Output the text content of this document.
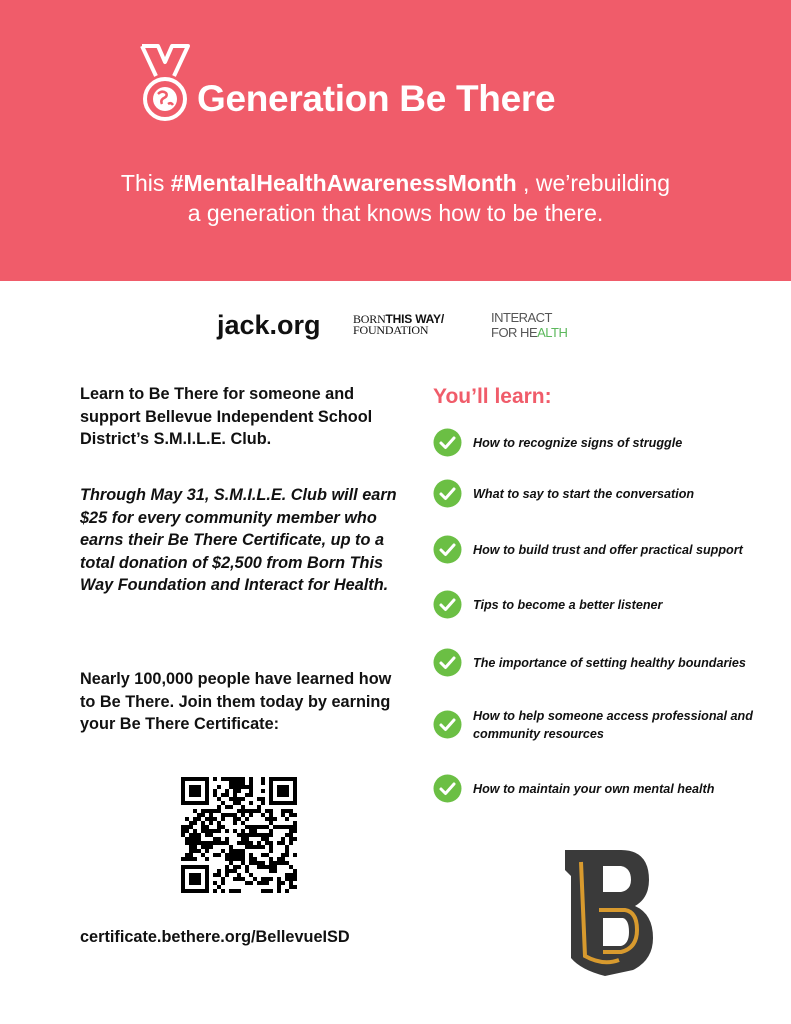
Generation Be There
This #MentalHealthAwarenessMonth , we’rebuilding
a generation that knows how to be there.
jack.org	BORNTHIS WAY/
FOUNDATION
INTERACT
FOR HEALTH
Learn to Be There for someone and support Bellevue Independent School District’s S.M.I.L.E. Club.
Through May 31, S.M.I.L.E. Club will earn $25 for every community member who earns their Be There Certificate, up to a total donation of $2,500 from Born This Way Foundation and Interact for Health.
Nearly 100,000 people have learned how to Be There. Join them today by earning your Be There Certificate:
certificate.bethere.org/BellevueISD
You’ll learn:
How to recognize signs of struggle
What to say to start the conversation
How to build trust and offer practical support
Tips to become a better listener
The importance of setting healthy boundaries
How to help someone access professional and community resources
How to maintain your own mental health
